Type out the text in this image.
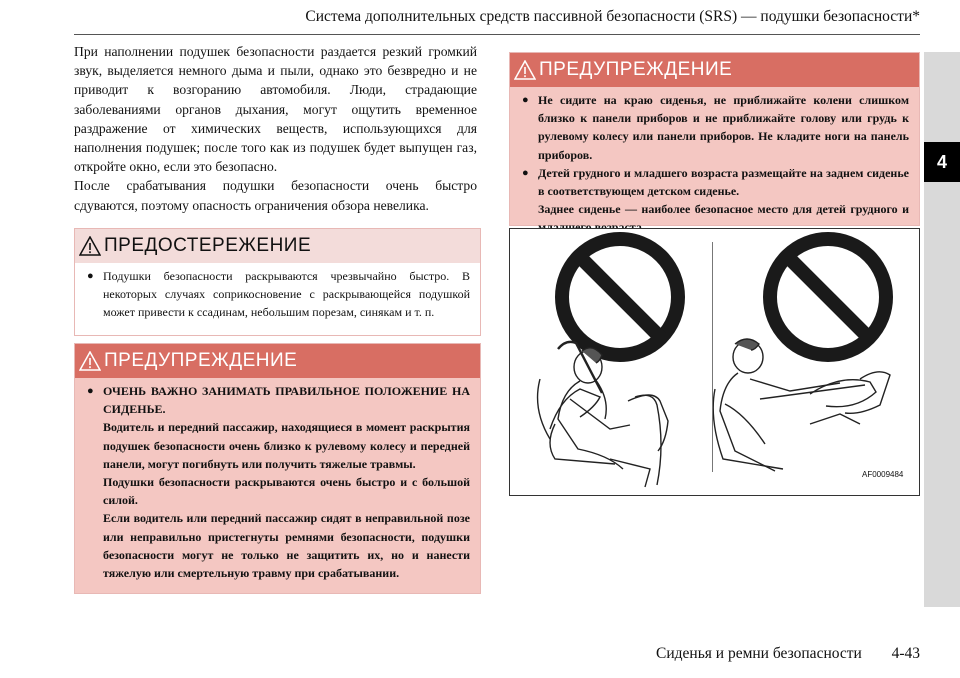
Система дополнительных средств пассивной безопасности (SRS) — подушки безопасности*
4

При наполнении подушек безопасности раздается резкий громкий звук, выделяется немного дыма и пыли, однако это безвредно и не приводит к возгоранию автомобиля. Люди, страдающие заболеваниями органов дыхания, могут ощутить временное раздражение от химических веществ, использующихся для наполнения подушек; после того как из подушек будет выпущен газ, откройте окно, если это безопасно.

После срабатывания подушки безопасности очень быстро сдуваются, поэтому опасность ограничения обзора невелика.

ПРЕДОСТЕРЕЖЕНИЕ
● Подушки безопасности раскрываются чрезвычайно быстро. В некоторых случаях соприкосновение с раскрывающейся подушкой может привести к ссадинам, небольшим порезам, синякам и т. п.
ПРЕДУПРЕЖДЕНИЕ
● ОЧЕНЬ ВАЖНО ЗАНИМАТЬ ПРАВИЛЬНОЕ ПОЛОЖЕНИЕ НА СИДЕНЬЕ.
Водитель и передний пассажир, находящиеся в момент раскрытия подушек безопасности очень близко к рулевому колесу и передней панели, могут погибнуть или получить тяжелые травмы.
Подушки безопасности раскрываются очень быстро и с большой силой.
Если водитель или передний пассажир сидят в неправильной позе или неправильно пристегнуты ремнями безопасности, подушки безопасности могут не только не защитить их, но и нанести тяжелую или смертельную травму при срабатывании.
ПРЕДУПРЕЖДЕНИЕ
● Не сидите на краю сиденья, не приближайте колени слишком близко к панели приборов и не приближайте голову или грудь к рулевому колесу или панели приборов. Не кладите ноги на панель приборов.
● Детей грудного и младшего возраста размещайте на заднем сиденье в соответствующем детском сиденье.
Заднее сиденье — наиболее безопасное место для детей грудного и
AF0009484
Сиденья и ремни безопасности 4-43
